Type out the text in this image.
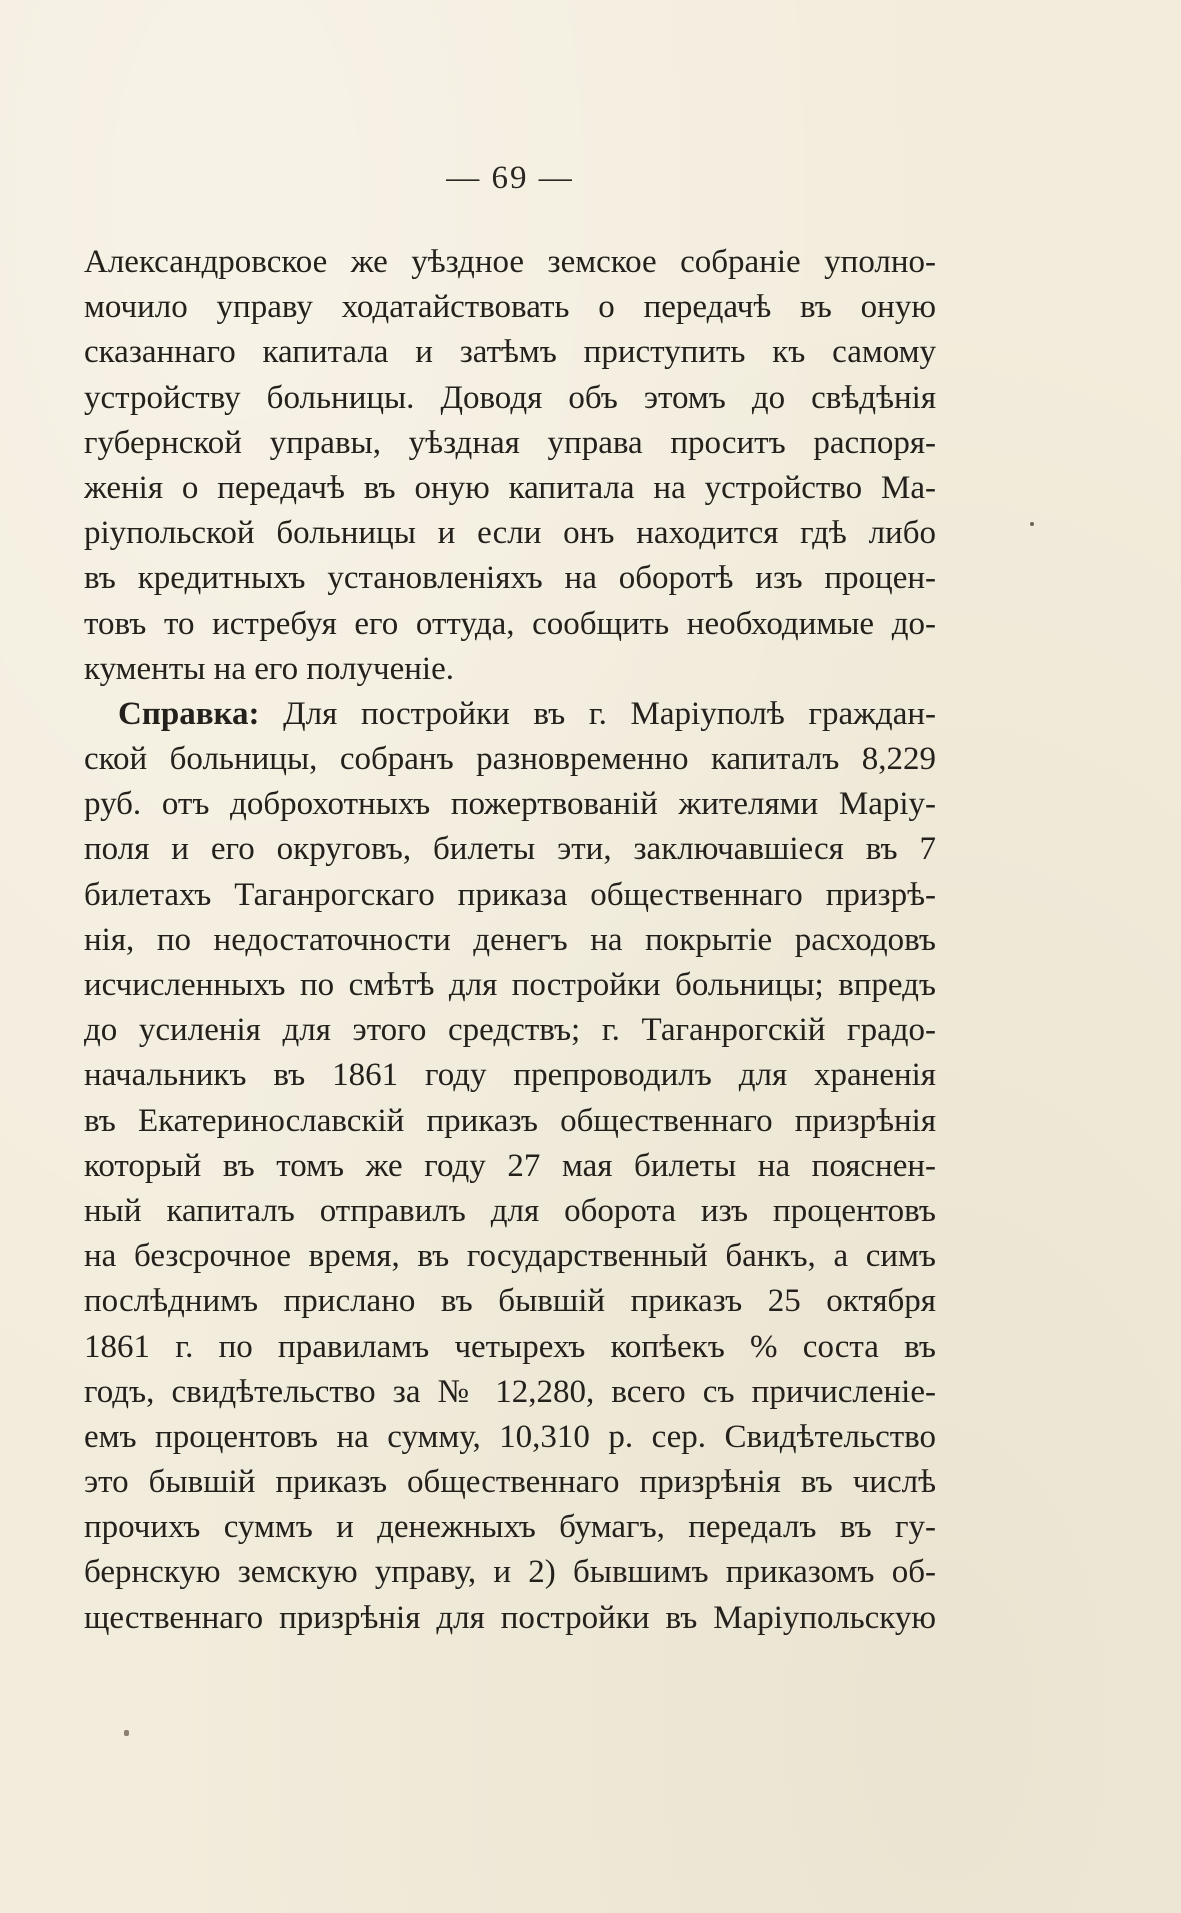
— 69 —
Александровское же уѣздное земское собраніе уполно-
мочило управу ходатайствовать о передачѣ въ оную
сказаннаго капитала и затѣмъ приступить къ самому
устройству больницы. Доводя объ этомъ до свѣдѣнія
губернской управы, уѣздная управа проситъ распоря-
женія о передачѣ въ оную капитала на устройство Ма-
ріупольской больницы и если онъ находится гдѣ либо
въ кредитныхъ установленіяхъ на оборотѣ изъ процен-
товъ то истребуя его оттуда, сообщить необходимые до-
кументы на его полученіе.
Справка: Для постройки въ г. Маріуполѣ граждан-
ской больницы, собранъ разновременно капиталъ 8,229
руб. отъ доброхотныхъ пожертвованій жителями Маріу-
поля и его округовъ, билеты эти, заключавшіеся въ 7
билетахъ Таганрогскаго приказа общественнаго призрѣ-
нія, по недостаточности денегъ на покрытіе расходовъ
исчисленныхъ по смѣтѣ для постройки больницы; впредъ
до усиленія для этого средствъ; г. Таганрогскій градо-
начальникъ въ 1861 году препроводилъ для храненія
въ Екатеринославскій приказъ общественнаго призрѣнія
который въ томъ же году 27 мая билеты на пояснен-
ный капиталъ отправилъ для оборота изъ процентовъ
на безсрочное время, въ государственный банкъ, а симъ
послѣднимъ прислано въ бывшій приказъ 25 октября
1861 г. по правиламъ четырехъ копѣекъ % соста въ
годъ, свидѣтельство за № 12,280, всего съ причисленіе-
емъ процентовъ на сумму, 10,310 р. сер. Свидѣтельство
это бывшій приказъ общественнаго призрѣнія въ числѣ
прочихъ суммъ и денежныхъ бумагъ, передалъ въ гу-
бернскую земскую управу, и 2) бывшимъ приказомъ об-
щественнаго призрѣнія для постройки въ Маріупольскую
